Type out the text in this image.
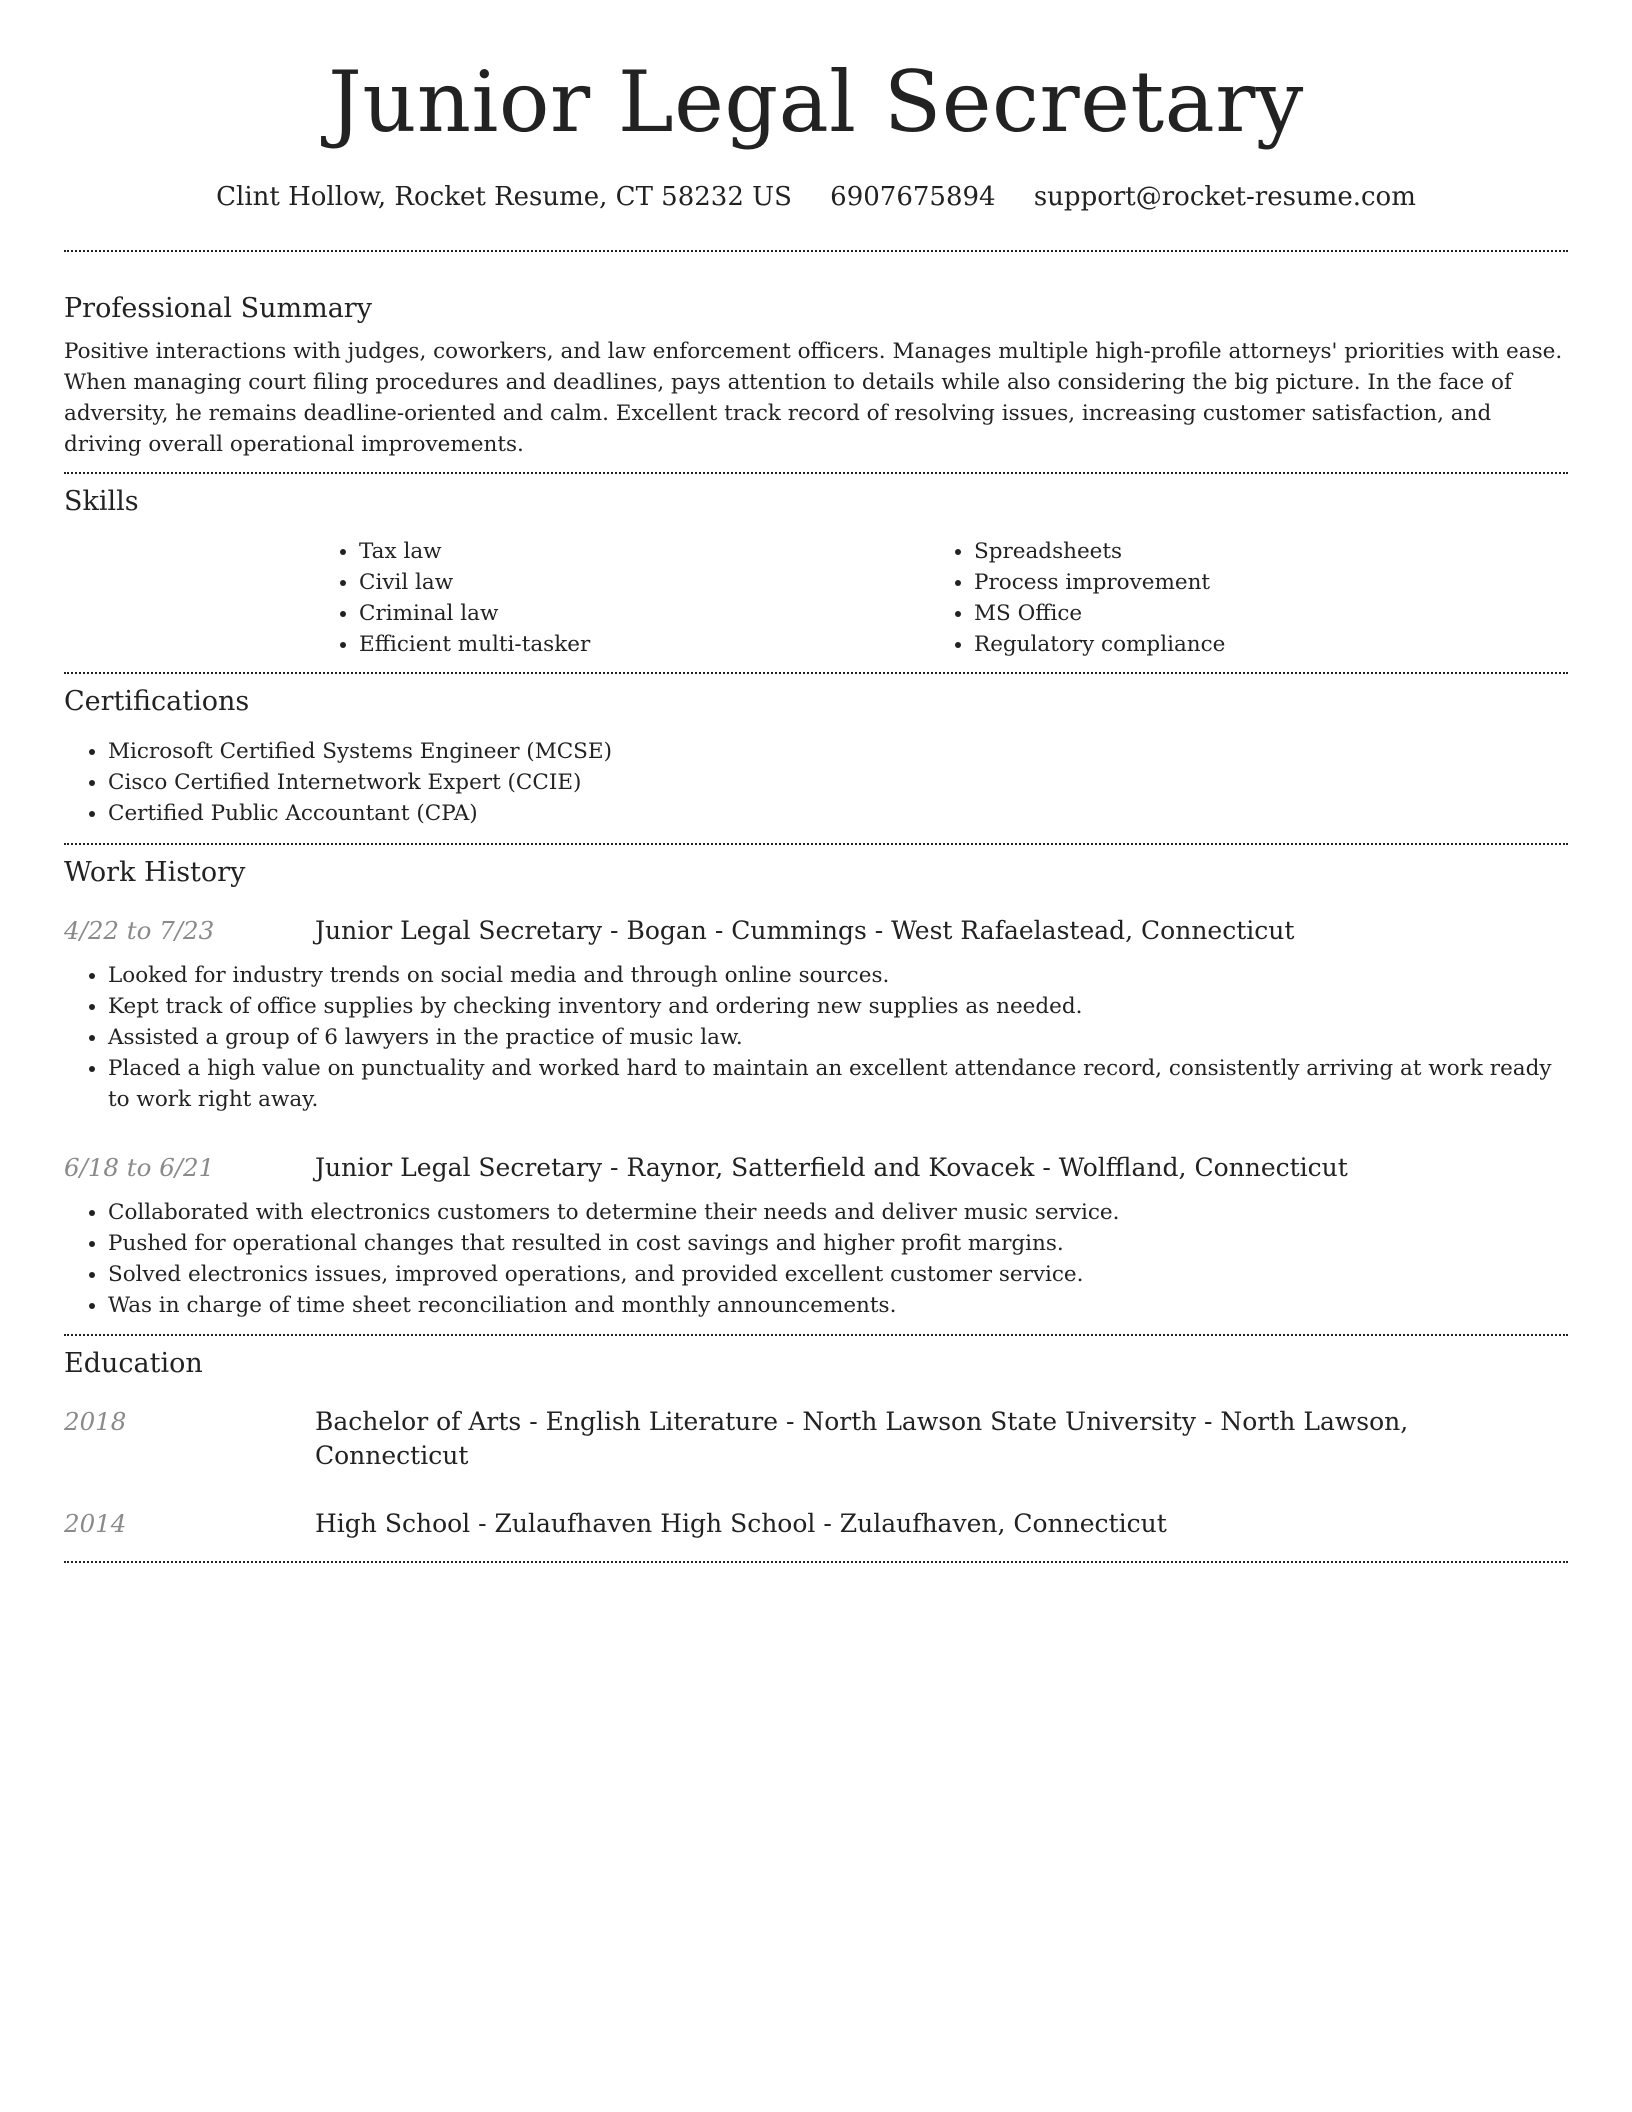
Junior Legal Secretary
Clint Hollow, Rocket Resume, CT 58232 US 6907675894 support@rocket-resume.com
Professional Summary

Positive interactions with judges, coworkers, and law enforcement officers. Manages multiple high-profile attorneys' priorities with ease. When managing court filing procedures and deadlines, pays attention to details while also considering the big picture. In the face of adversity, he remains deadline-oriented and calm. Excellent track record of resolving issues, increasing customer satisfaction, and driving overall operational improvements.

Skills
• Tax law
• Civil law
• Criminal law
• Efficient multi-tasker
• Spreadsheets
• Process improvement
• MS Office
• Regulatory compliance
Certifications
• Microsoft Certified Systems Engineer (MCSE)
• Cisco Certified Internetwork Expert (CCIE)
• Certified Public Accountant (CPA)
Work History
4/22 to 7/23	Junior Legal Secretary - Bogan - Cummings - West Rafaelastead, Connecticut
• Looked for industry trends on social media and through online sources.
• Kept track of office supplies by checking inventory and ordering new supplies as needed.
• Assisted a group of 6 lawyers in the practice of music law.
• Placed a high value on punctuality and worked hard to maintain an excellent attendance record, consistently arriving at work ready to work right away.
6/18 to 6/21	Junior Legal Secretary - Raynor, Satterfield and Kovacek - Wolffland, Connecticut
• Collaborated with electronics customers to determine their needs and deliver music service.
• Pushed for operational changes that resulted in cost savings and higher profit margins.
• Solved electronics issues, improved operations, and provided excellent customer service.
• Was in charge of time sheet reconciliation and monthly announcements.
Education
2018	Bachelor of Arts - English Literature - North Lawson State University - North Lawson, Connecticut
2014	High School - Zulaufhaven High School - Zulaufhaven, Connecticut
